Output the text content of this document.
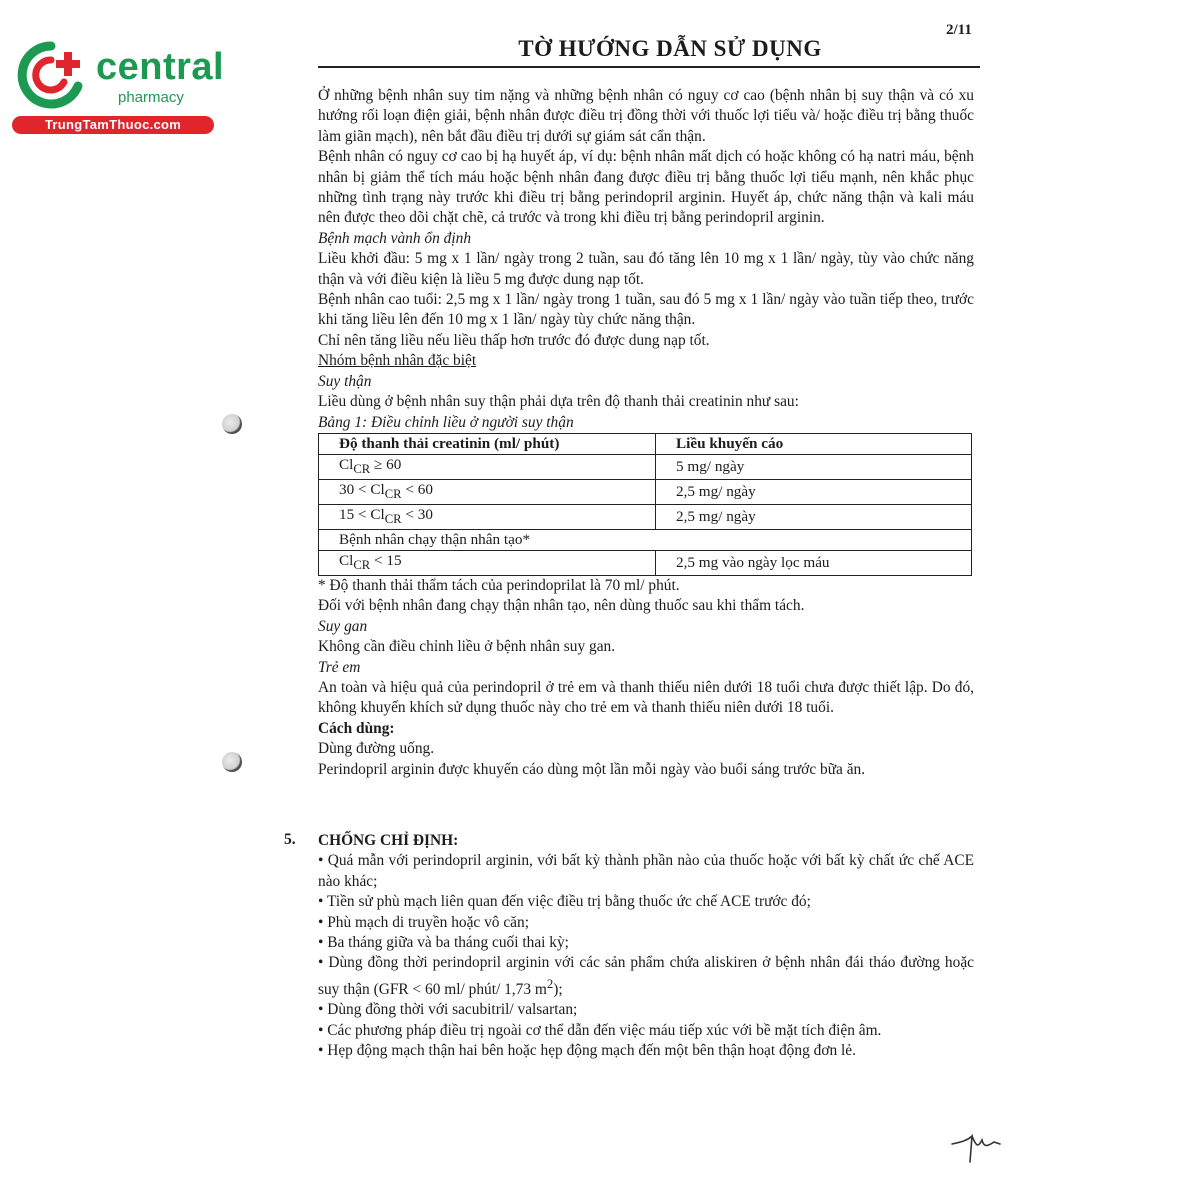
central
pharmacy
TrungTamThuoc.com
2/11
TỜ HƯỚNG DẪN SỬ DỤNG

Ở những bệnh nhân suy tim nặng và những bệnh nhân có nguy cơ cao (bệnh nhân bị suy thận và có xu hướng rối loạn điện giải, bệnh nhân được điều trị đồng thời với thuốc lợi tiểu và/ hoặc điều trị bằng thuốc làm giãn mạch), nên bắt đầu điều trị dưới sự giám sát cẩn thận.

Bệnh nhân có nguy cơ cao bị hạ huyết áp, ví dụ: bệnh nhân mất dịch có hoặc không có hạ natri máu, bệnh nhân bị giảm thể tích máu hoặc bệnh nhân đang được điều trị bằng thuốc lợi tiểu mạnh, nên khắc phục những tình trạng này trước khi điều trị bằng perindopril arginin. Huyết áp, chức năng thận và kali máu nên được theo dõi chặt chẽ, cả trước và trong khi điều trị bằng perindopril arginin.

Bệnh mạch vành ổn định

Liều khởi đầu: 5 mg x 1 lần/ ngày trong 2 tuần, sau đó tăng lên 10 mg x 1 lần/ ngày, tùy vào chức năng thận và với điều kiện là liều 5 mg được dung nạp tốt.

Bệnh nhân cao tuổi: 2,5 mg x 1 lần/ ngày trong 1 tuần, sau đó 5 mg x 1 lần/ ngày vào tuần tiếp theo, trước khi tăng liều lên đến 10 mg x 1 lần/ ngày tùy chức năng thận.

Chỉ nên tăng liều nếu liều thấp hơn trước đó được dung nạp tốt.

Nhóm bệnh nhân đặc biệt

Suy thận

Liều dùng ở bệnh nhân suy thận phải dựa trên độ thanh thải creatinin như sau:

Bảng 1: Điều chỉnh liều ở người suy thận

Độ thanh thải creatinin (ml/ phút)	Liều khuyến cáo
$Cl_{CR} \ge 60$	5 mg/ ngày
$30 < Cl_{CR} < 60$	2,5 mg/ ngày
$15 < Cl_{CR} < 30$	2,5 mg/ ngày
Bệnh nhân chạy thận nhân tạo*	
$Cl_{CR} < 15$	2,5 mg vào ngày lọc máu

* Độ thanh thải thẩm tách của perindoprilat là 70 ml/ phút.

Đối với bệnh nhân đang chạy thận nhân tạo, nên dùng thuốc sau khi thẩm tách.

Suy gan

Không cần điều chỉnh liều ở bệnh nhân suy gan.

Trẻ em

An toàn và hiệu quả của perindopril ở trẻ em và thanh thiếu niên dưới 18 tuổi chưa được thiết lập. Do đó, không khuyến khích sử dụng thuốc này cho trẻ em và thanh thiếu niên dưới 18 tuổi.

Cách dùng:

Dùng đường uống.

Perindopril arginin được khuyến cáo dùng một lần mỗi ngày vào buổi sáng trước bữa ăn.

5. CHỐNG CHỈ ĐỊNH:

• Quá mẫn với perindopril arginin, với bất kỳ thành phần nào của thuốc hoặc với bất kỳ chất ức chế ACE nào khác;

• Tiền sử phù mạch liên quan đến việc điều trị bằng thuốc ức chế ACE trước đó;

• Phù mạch di truyền hoặc vô căn;

• Ba tháng giữa và ba tháng cuối thai kỳ;

• Dùng đồng thời perindopril arginin với các sản phẩm chứa aliskiren ở bệnh nhân đái tháo đường hoặc suy thận (GFR < 60 ml/ phút/ 1,73 $m^2$);

• Dùng đồng thời với sacubitril/ valsartan;

• Các phương pháp điều trị ngoài cơ thể dẫn đến việc máu tiếp xúc với bề mặt tích điện âm.

• Hẹp động mạch thận hai bên hoặc hẹp động mạch đến một bên thận hoạt động đơn lẻ.
